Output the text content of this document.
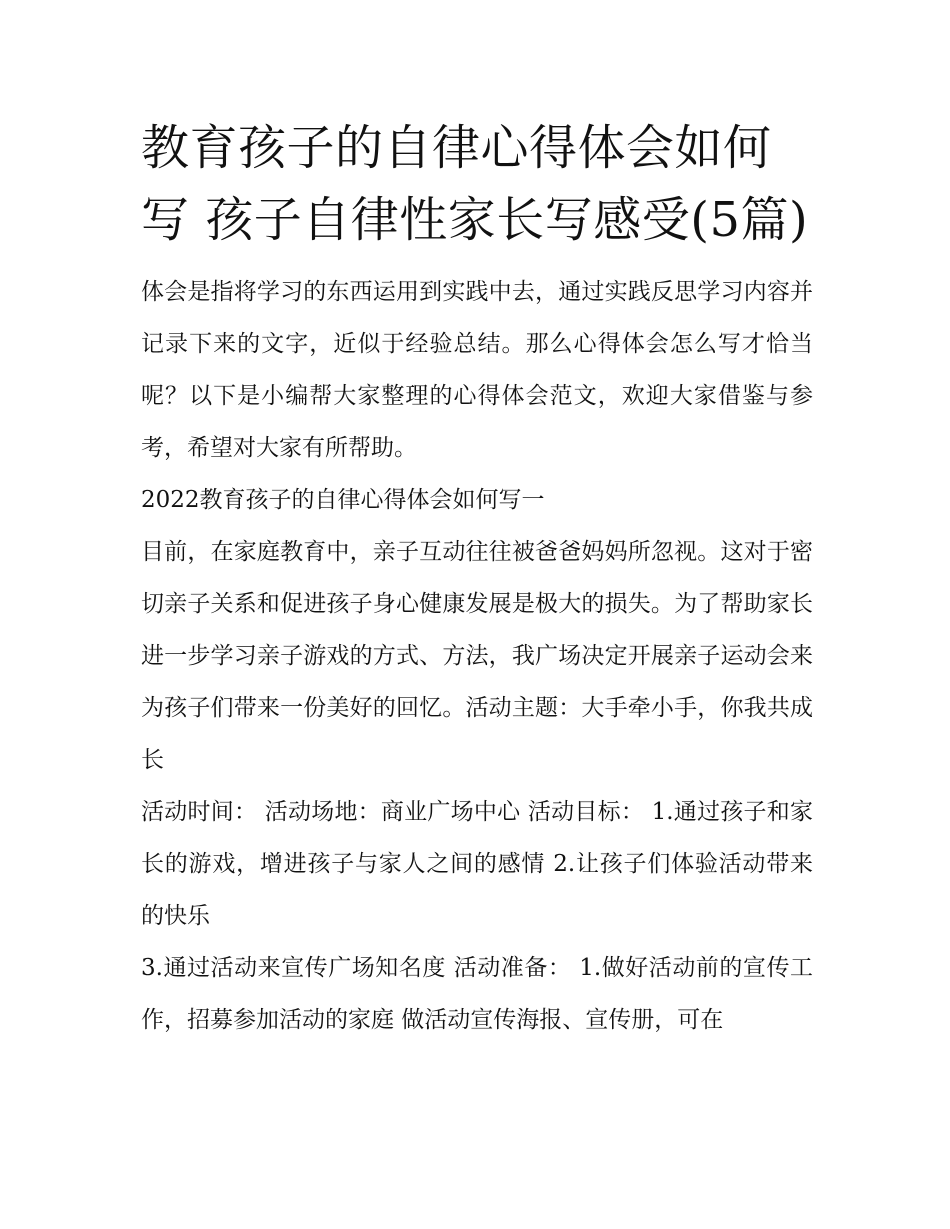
教育孩子的自律心得体会如何写 孩子自律性家长写感受(5篇)

体会是指将学习的东西运用到实践中去，通过实践反思学习内容并记录下来的文字，近似于经验总结。那么心得体会怎么写才恰当呢？以下是小编帮大家整理的心得体会范文，欢迎大家借鉴与参考，希望对大家有所帮助。

2022教育孩子的自律心得体会如何写一

目前，在家庭教育中，亲子互动往往被爸爸妈妈所忽视。这对于密切亲子关系和促进孩子身心健康发展是极大的损失。为了帮助家长进一步学习亲子游戏的方式、方法，我广场决定开展亲子运动会来为孩子们带来一份美好的回忆。活动主题：大手牵小手，你我共成长

活动时间： 活动场地：商业广场中心 活动目标： 1.通过孩子和家长的游戏，增进孩子与家人之间的感情 2.让孩子们体验活动带来的快乐

3.通过活动来宣传广场知名度 活动准备： 1.做好活动前的宣传工作，招募参加活动的家庭 做活动宣传海报、宣传册，可在
